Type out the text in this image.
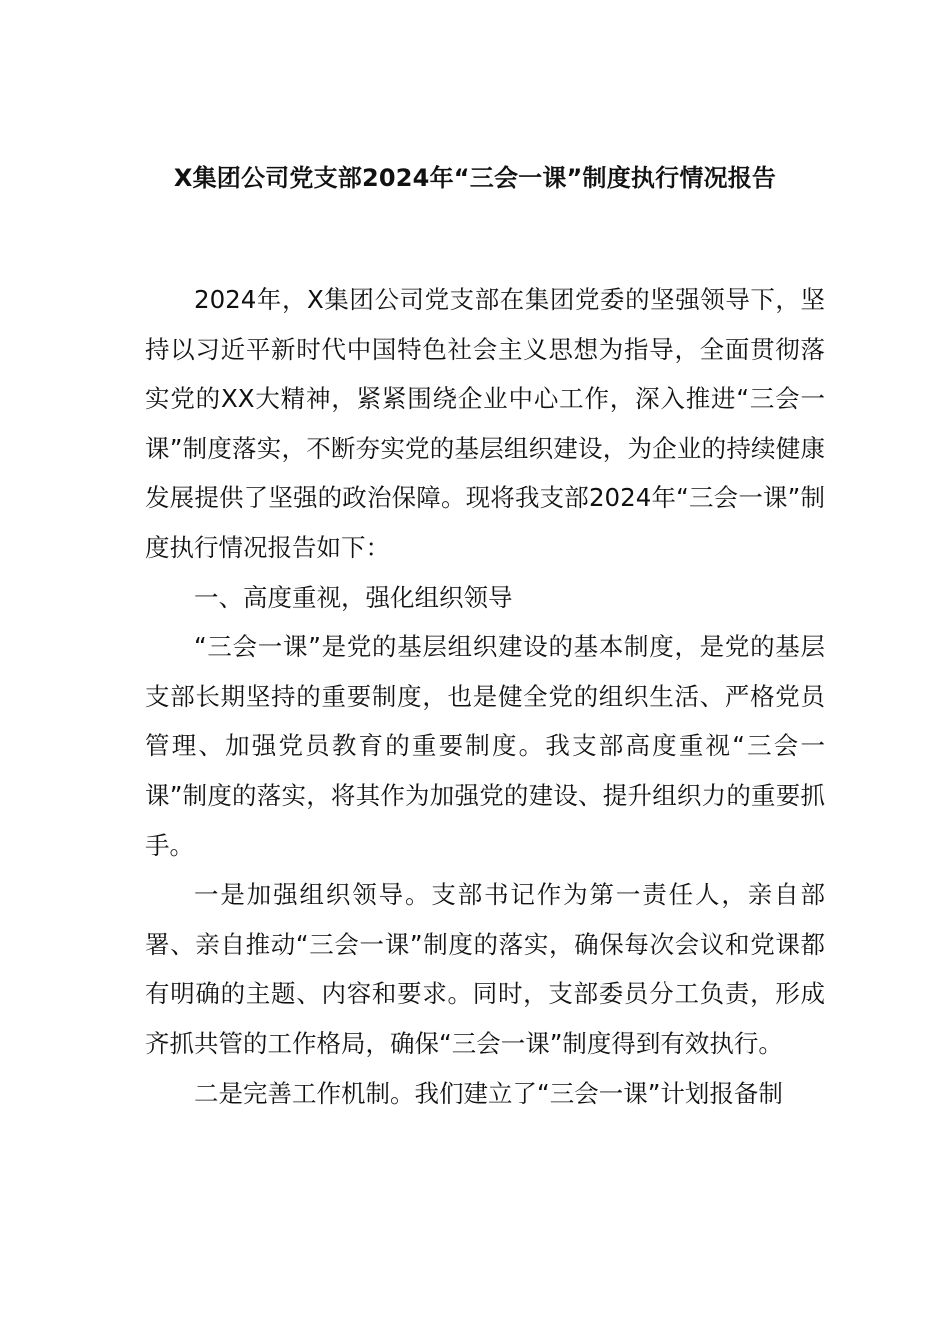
X集团公司党支部2024年“三会一课”制度执行情况报告

2024年，X集团公司党支部在集团党委的坚强领导下，坚持以习近平新时代中国特色社会主义思想为指导，全面贯彻落实党的XX大精神，紧紧围绕企业中心工作，深入推进“三会一课”制度落实，不断夯实党的基层组织建设，为企业的持续健康发展提供了坚强的政治保障。现将我支部2024年“三会一课”制度执行情况报告如下：

一、高度重视，强化组织领导

“三会一课”是党的基层组织建设的基本制度，是党的基层支部长期坚持的重要制度，也是健全党的组织生活、严格党员管理、加强党员教育的重要制度。我支部高度重视“三会一课”制度的落实，将其作为加强党的建设、提升组织力的重要抓手。

一是加强组织领导。支部书记作为第一责任人，亲自部署、亲自推动“三会一课”制度的落实，确保每次会议和党课都有明确的主题、内容和要求。同时，支部委员分工负责，形成齐抓共管的工作格局，确保“三会一课”制度得到有效执行。

二是完善工作机制。我们建立了“三会一课”计划报备制
